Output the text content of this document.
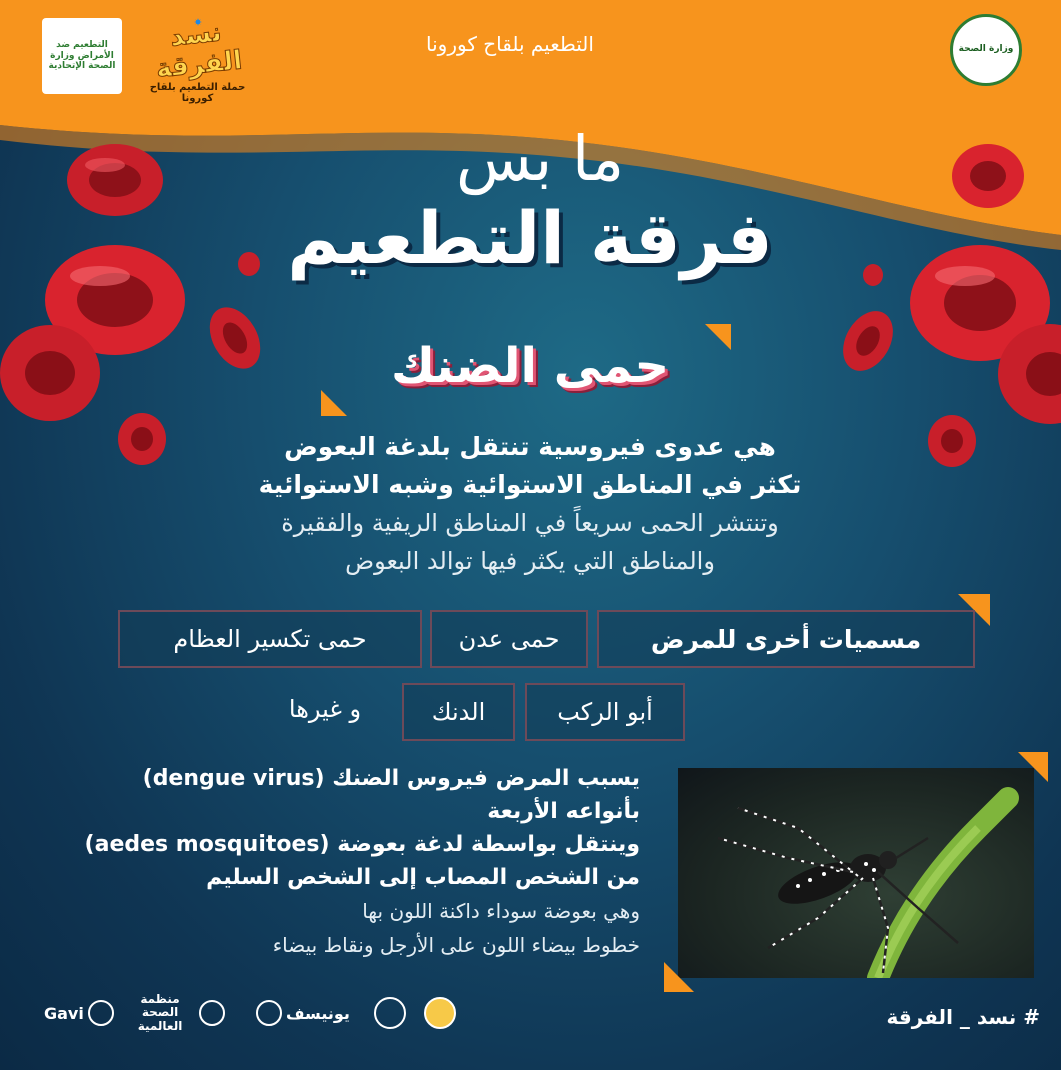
التطعيم ضد الأمراض وزارة الصحة الإتحادية
نسد الفرقة
حملة التطعيم بلقاح كورونا
وزارة الصحة
التطعيم بلقاح كورونا
ما بس
فرقة التطعيم
حمى الضنك
هي عدوى فيروسية تنتقل بلدغة البعوض
تكثر في المناطق الاستوائية وشبه الاستوائية
وتنتشر الحمى سريعاً في المناطق الريفية والفقيرة
والمناطق التي يكثر فيها توالد البعوض
مسميات أخرى للمرض
حمى عدن
حمى تكسير العظام
أبو الركب
الدنك
و غيرها
يسبب المرض فيروس الضنك (dengue virus)
بأنواعه الأربعة
وينتقل بواسطة لدغة بعوضة (aedes mosquitoes)
من الشخص المصاب إلى الشخص السليم
وهي بعوضة سوداء داكنة اللون بها
خطوط بيضاء اللون على الأرجل ونقاط بيضاء
Gavi
منظمة الصحة العالمية
يونيسف	# نسد _ الفرقة
